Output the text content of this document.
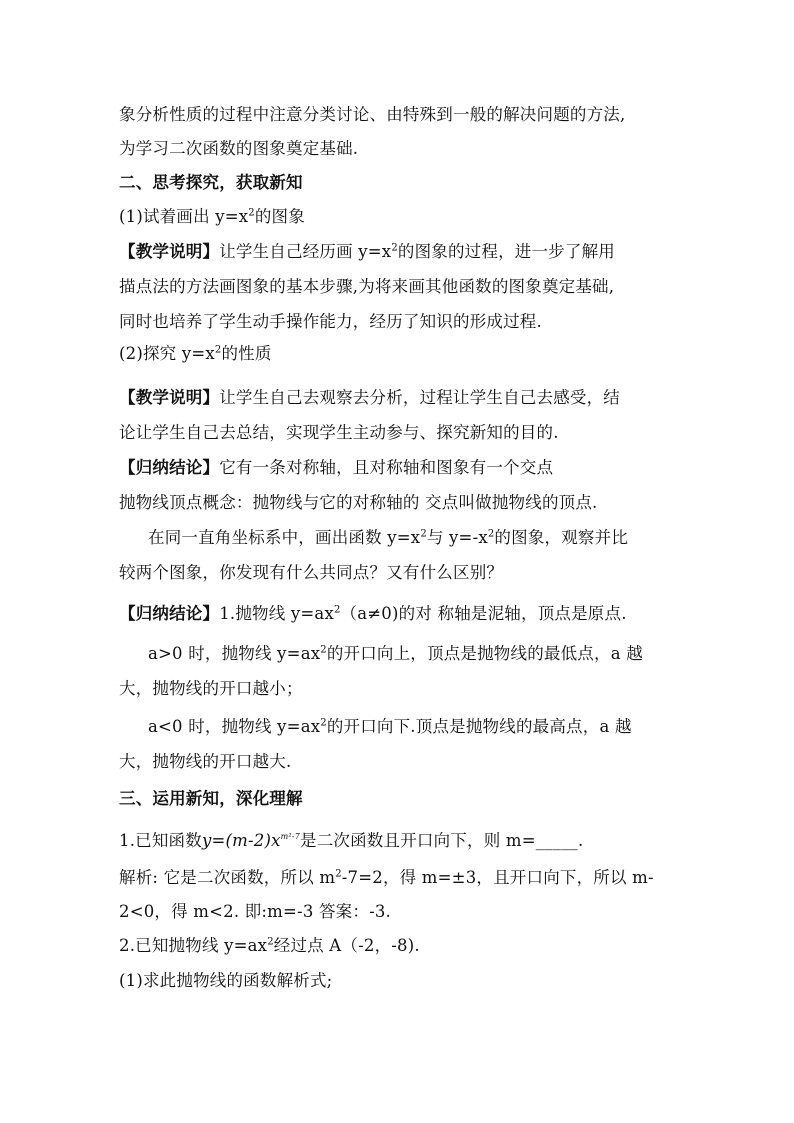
象分析性质的过程中注意分类讨论、由特殊到一般的解决问题的方法,
为学习二次函数的图象奠定基础.
二、思考探究，获取新知
(1)试着画出 $y=x^2$的图象
【教学说明】让学生自己经历画 $y=x^2$的图象的过程，进一步了解用
描点法的方法画图象的基本步骤,为将来画其他函数的图象奠定基础,
同时也培养了学生动手操作能力，经历了知识的形成过程.
(2)探究 $y=x^2$的性质
【教学说明】让学生自己去观察去分析，过程让学生自己去感受，结
论让学生自己去总结，实现学生主动参与、探究新知的目的.
【归纳结论】它有一条对称轴，且对称轴和图象有一个交点
抛物线顶点概念：抛物线与它的对称轴的 交点叫做抛物线的顶点.
在同一直角坐标系中，画出函数 $y=x^2$与 $y=-x^2$的图象，观察并比
较两个图象，你发现有什么共同点？又有什么区别？
【归纳结论】1.抛物线 $y=ax^2(a\ne 0)$的对 称轴是泥轴，顶点是原点.
a>0 时，抛物线 $y=ax^2$的开口向上，顶点是抛物线的最低点，a 越
大，抛物线的开口越小；
a<0 时，抛物线 $y=ax^2$的开口向下.顶点是抛物线的最高点，a 越
大，抛物线的开口越大.
三、运用新知，深化理解
1.已知函数$y=(m-2)x^{m^2-7}$是二次函数且开口向下，则 m=_____.
解析: 它是二次函数，所以 $m^2-7=2$，得 m=±3，且开口向下，所以 m-
2<0，得 m<2. 即:m=-3 答案：-3.
2.已知抛物线 $y=ax^2$经过点 A（-2，-8).
(1)求此抛物线的函数解析式;
